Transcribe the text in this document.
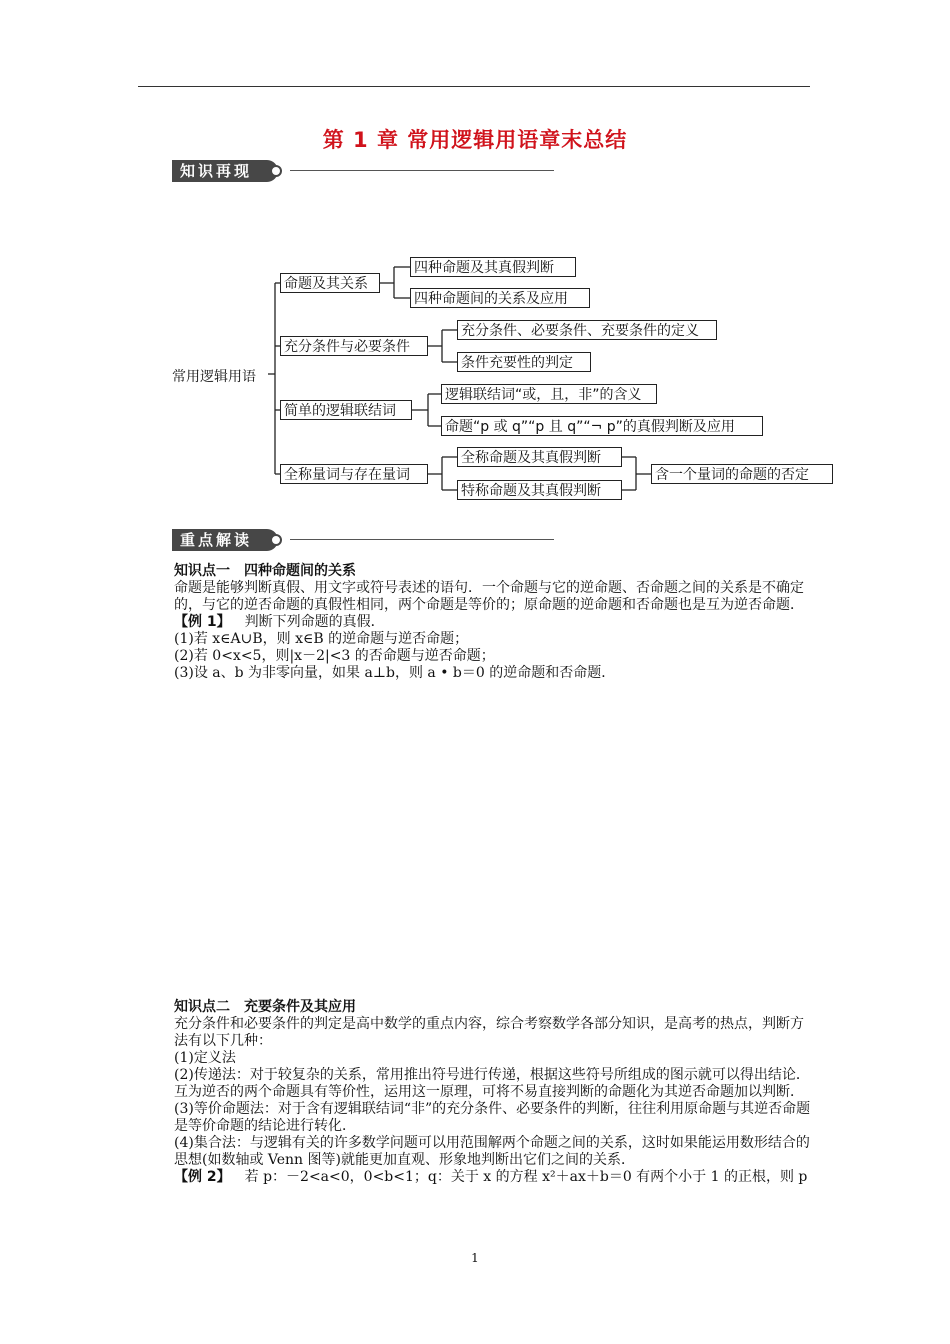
第 1 章 常用逻辑用语章末总结
知识再现
常用逻辑用语
命题及其关系
四种命题及其真假判断
四种命题间的关系及应用
充分条件与必要条件
充分条件、必要条件、充要条件的定义
条件充要性的判定
简单的逻辑联结词
逻辑联结词“或，且，非”的含义
命题“p 或 q”“p 且 q”“¬ p”的真假判断及应用
全称量词与存在量词
全称命题及其真假判断
特称命题及其真假判断
含一个量词的命题的否定
重点解读

知识点一　四种命题间的关系

命题是能够判断真假、用文字或符号表述的语句．一个命题与它的逆命题、否命题之间的关系是不确定的，与它的逆否命题的真假性相同，两个命题是等价的；原命题的逆命题和否命题也是互为逆否命题．

【例 1】  判断下列命题的真假．

(1)若 x∈A∪B，则 x∈B 的逆命题与逆否命题；

(2)若 0<x<5，则|x－2|<3 的否命题与逆否命题；

(3)设 a、b 为非零向量，如果 a⊥b，则 a • b＝0 的逆命题和否命题．

知识点二　充要条件及其应用

充分条件和必要条件的判定是高中数学的重点内容，综合考察数学各部分知识，是高考的热点，判断方法有以下几种：

(1)定义法

(2)传递法：对于较复杂的关系，常用推出符号进行传递，根据这些符号所组成的图示就可以得出结论．互为逆否的两个命题具有等价性，运用这一原理，可将不易直接判断的命题化为其逆否命题加以判断．

(3)等价命题法：对于含有逻辑联结词“非”的充分条件、必要条件的判断，往往利用原命题与其逆否命题是等价命题的结论进行转化．

(4)集合法：与逻辑有关的许多数学问题可以用范围解两个命题之间的关系，这时如果能运用数形结合的思想(如数轴或 Venn 图等)就能更加直观、形象地判断出它们之间的关系．

【例 2】  若 p：－2<a<0，0<b<1；q：关于 x 的方程 x²＋ax＋b＝0 有两个小于 1 的正根，则 p

1
